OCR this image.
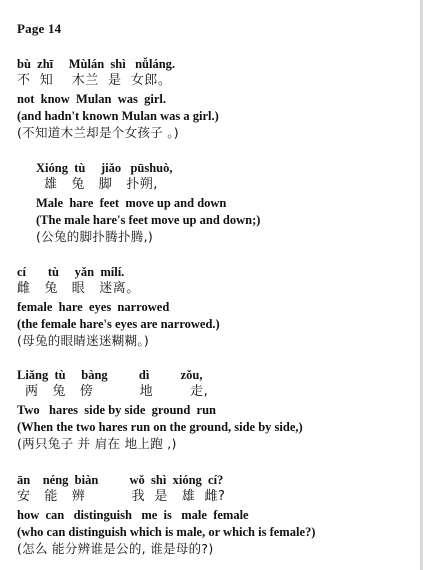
Page 14
bù  zhī     Mùlán  shì   nǚláng.
不  知    木兰  是  女郎。
not  know  Mulan  was  girl.
(and hadn't known Mulan was a girl.)
(不知道木兰却是个女孩子 。)
Xióng  tù     jiǎo   pūshuò,
雄   兔   脚   扑朔,
Male  hare  feet  move up and down
(The male hare's feet move up and down;)
(公兔的脚扑腾扑腾,)
cí       tù     yǎn  mílí.
雌   兔   眼   迷离。
female  hare  eyes  narrowed
(the female hare's eyes are narrowed.)
(母兔的眼睛迷迷糊糊。)
Liǎng  tù     bàng          dì          zǒu,
两   兔   傍          地        走,
Two   hares  side by side  ground  run
(When the two hares run on the ground, side by side,)
(两只兔子 并 肩在 地上跑 ,)
ān    néng  biàn          wǒ  shì  xióng  cí?
安   能   辨          我  是   雄  雌?
how  can   distinguish   me  is   male  female
(who can distinguish which is male, or which is female?)
(怎么 能分辨谁是公的, 谁是母的?)
